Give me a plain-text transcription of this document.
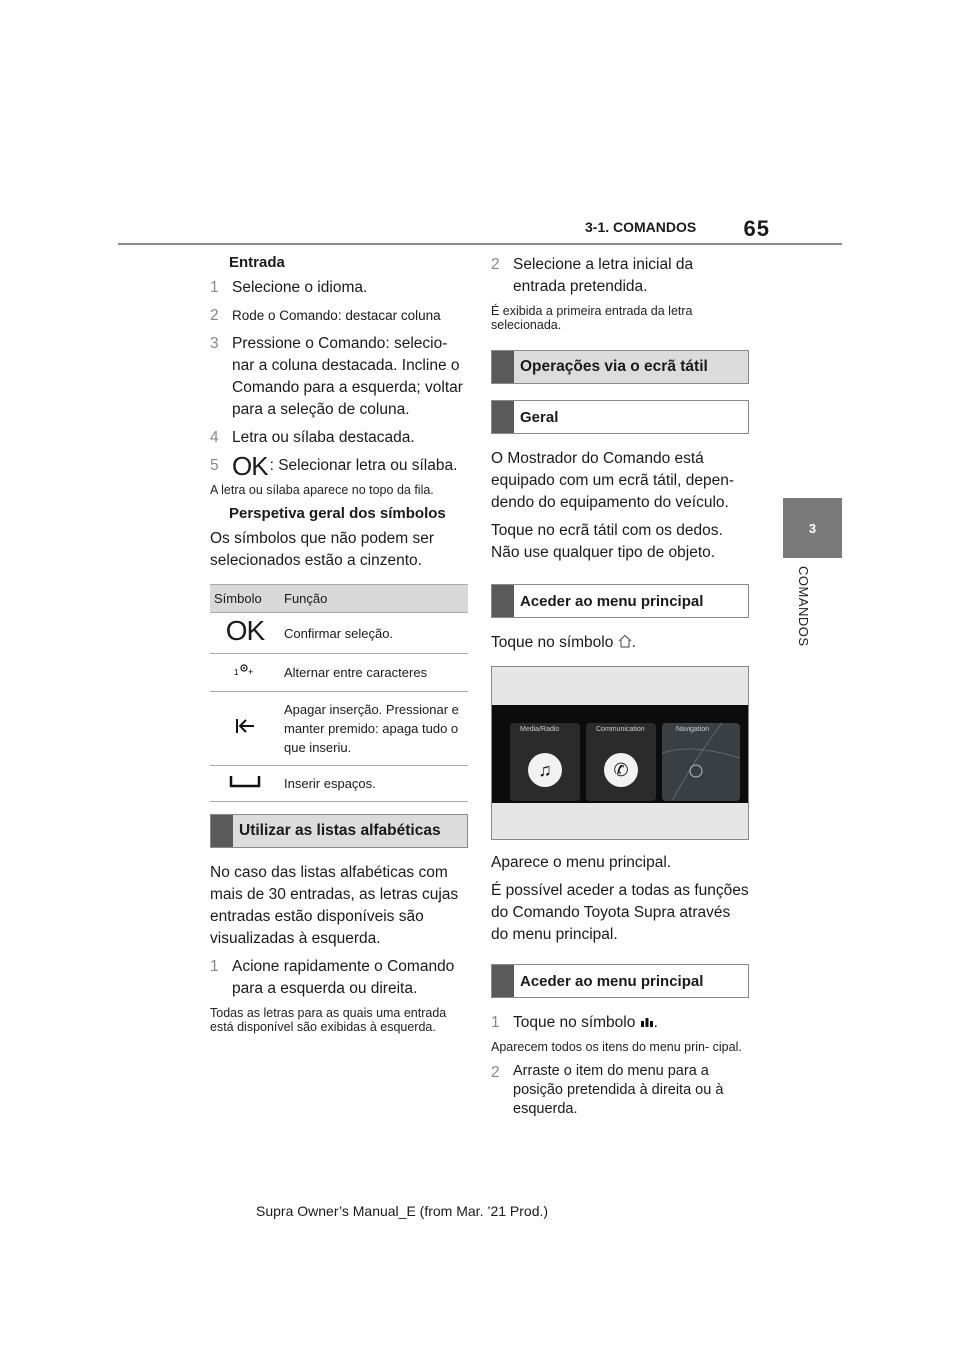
3-1. COMANDOS 65
3
COMANDOS
Entrada
1 Selecione o idioma.
2 Rode o Comando: destacar coluna
3 Pressione o Comando: selecio- nar a coluna destacada. Incline o Comando para a esquerda; voltar para a seleção de coluna.
4 Letra ou sílaba destacada.
5 OK : Selecionar letra ou sílaba.
A letra ou sílaba aparece no topo da fila.
Perspetiva geral dos símbolos
Os símbolos que não podem ser selecionados estão a cinzento.
Símbolo	Função
OK	Confirmar seleção.

1 +	Alternar entre caracteres
	Apagar inserção. Pressionar e manter premido: apaga tudo o que inseriu.
	Inserir espaços.
Utilizar as listas alfabéticas
No caso das listas alfabéticas com mais de 30 entradas, as letras cujas entradas estão disponíveis são visualizadas à esquerda.
1 Acione rapidamente o Comando para a esquerda ou direita.
Todas as letras para as quais uma entrada está disponível são exibidas à esquerda.
2 Selecione a letra inicial da entrada pretendida.
É exibida a primeira entrada da letra selecionada.
Operações via o ecrã tátil
Geral
O Mostrador do Comando está equipado com um ecrã tátil, depen- dendo do equipamento do veículo.
Toque no ecrã tátil com os dedos. Não use qualquer tipo de objeto.
Aceder ao menu principal
Toque no símbolo .
Media/Radio
♫
Communication
✆
Navigation
Aparece o menu principal.
É possível aceder a todas as funções do Comando Toyota Supra através do menu principal.
Aceder ao menu principal
1 Toque no símbolo .
Aparecem todos os itens do menu prin- cipal.
2 Arraste o item do menu para a posição pretendida à direita ou à esquerda.
Supra Owner’s Manual_E (from Mar. ’21 Prod.)
